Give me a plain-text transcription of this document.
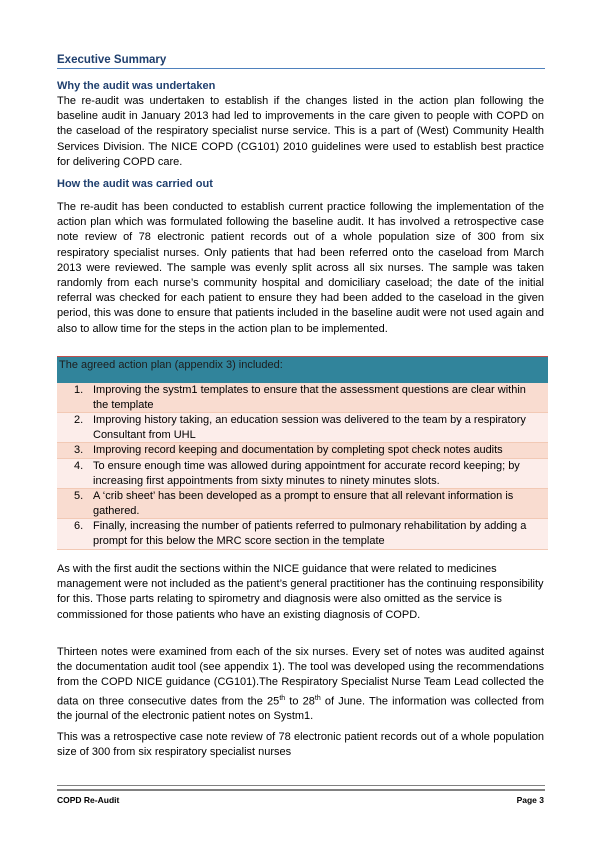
Executive Summary
Why the audit was undertaken
The re-audit was undertaken to establish if the changes listed in the action plan following the baseline audit in January 2013 had led to improvements in the care given to people with COPD on the caseload of the respiratory specialist nurse service. This is a part of (West) Community Health Services Division. The NICE COPD (CG101) 2010 guidelines were used to establish best practice for delivering COPD care.
How the audit was carried out
The re-audit has been conducted to establish current practice following the implementation of the action plan which was formulated following the baseline audit. It has involved a retrospective case note review of 78 electronic patient records out of a whole population size of 300 from six respiratory specialist nurses. Only patients that had been referred onto the caseload from March 2013 were reviewed. The sample was evenly split across all six nurses. The sample was taken randomly from each nurse’s community hospital and domiciliary caseload; the date of the initial referral was checked for each patient to ensure they had been added to the caseload in the given period, this was done to ensure that patients included in the baseline audit were not used again and also to allow time for the steps in the action plan to be implemented.
The agreed action plan (appendix 3) included:
1. Improving the systm1 templates to ensure that the assessment questions are clear within the template
2. Improving history taking, an education session was delivered to the team by a respiratory Consultant from UHL
3. Improving record keeping and documentation by completing spot check notes audits
4. To ensure enough time was allowed during appointment for accurate record keeping; by increasing first appointments from sixty minutes to ninety minutes slots.
5. A ‘crib sheet’ has been developed as a prompt to ensure that all relevant information is gathered.
6. Finally, increasing the number of patients referred to pulmonary rehabilitation by adding a prompt for this below the MRC score section in the template
As with the first audit the sections within the NICE guidance that were related to medicines management were not included as the patient’s general practitioner has the continuing responsibility for this. Those parts relating to spirometry and diagnosis were also omitted as the service is commissioned for those patients who have an existing diagnosis of COPD.
Thirteen notes were examined from each of the six nurses. Every set of notes was audited against the documentation audit tool (see appendix 1). The tool was developed using the recommendations from the COPD NICE guidance (CG101).The Respiratory Specialist Nurse Team Lead collected the data on three consecutive dates from the 25th to 28th of June. The information was collected from the journal of the electronic patient notes on Systm1.
This was a retrospective case note review of 78 electronic patient records out of a whole population size of 300 from six respiratory specialist nurses
COPD Re-Audit	Page 3
